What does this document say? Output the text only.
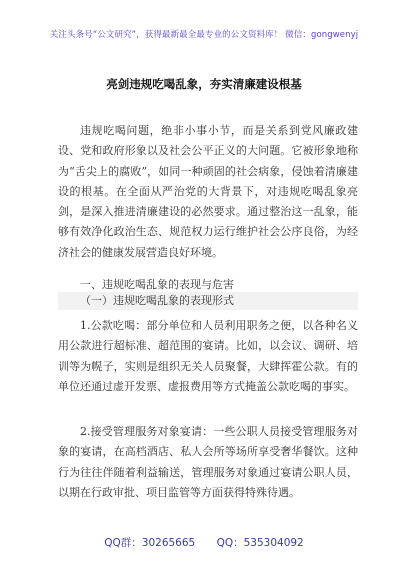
关注头条号“公文研究”，获得最新最全最专业的公文资料库！ 微信：gongwenyj
亮剑违规吃喝乱象，夯实清廉建设根基

违规吃喝问题，绝非小事小节，而是关系到党风廉政建设、党和政府形象以及社会公平正义的大问题。它被形象地称为“舌尖上的腐败”，如同一种顽固的社会病象，侵蚀着清廉建设的根基。在全面从严治党的大背景下，对违规吃喝乱象亮剑，是深入推进清廉建设的必然要求。通过整治这一乱象，能够有效净化政治生态、规范权力运行维护社会公序良俗，为经济社会的健康发展营造良好环境。

一、违规吃喝乱象的表现与危害
（一）违规吃喝乱象的表现形式

1.公款吃喝：部分单位和人员利用职务之便，以各种名义用公款进行超标准、超范围的宴请。比如，以会议、调研、培训等为幌子，实则是组织无关人员聚餐，大肆挥霍公款。有的单位还通过虚开发票、虚报费用等方式掩盖公款吃喝的事实。

2.接受管理服务对象宴请：一些公职人员接受管理服务对象的宴请，在高档酒店、私人会所等场所享受奢华餐饮。这种行为往往伴随着利益输送，管理服务对象通过宴请公职人员，以期在行政审批、项目监管等方面获得特殊待遇。

QQ群：30265665 QQ：535304092
